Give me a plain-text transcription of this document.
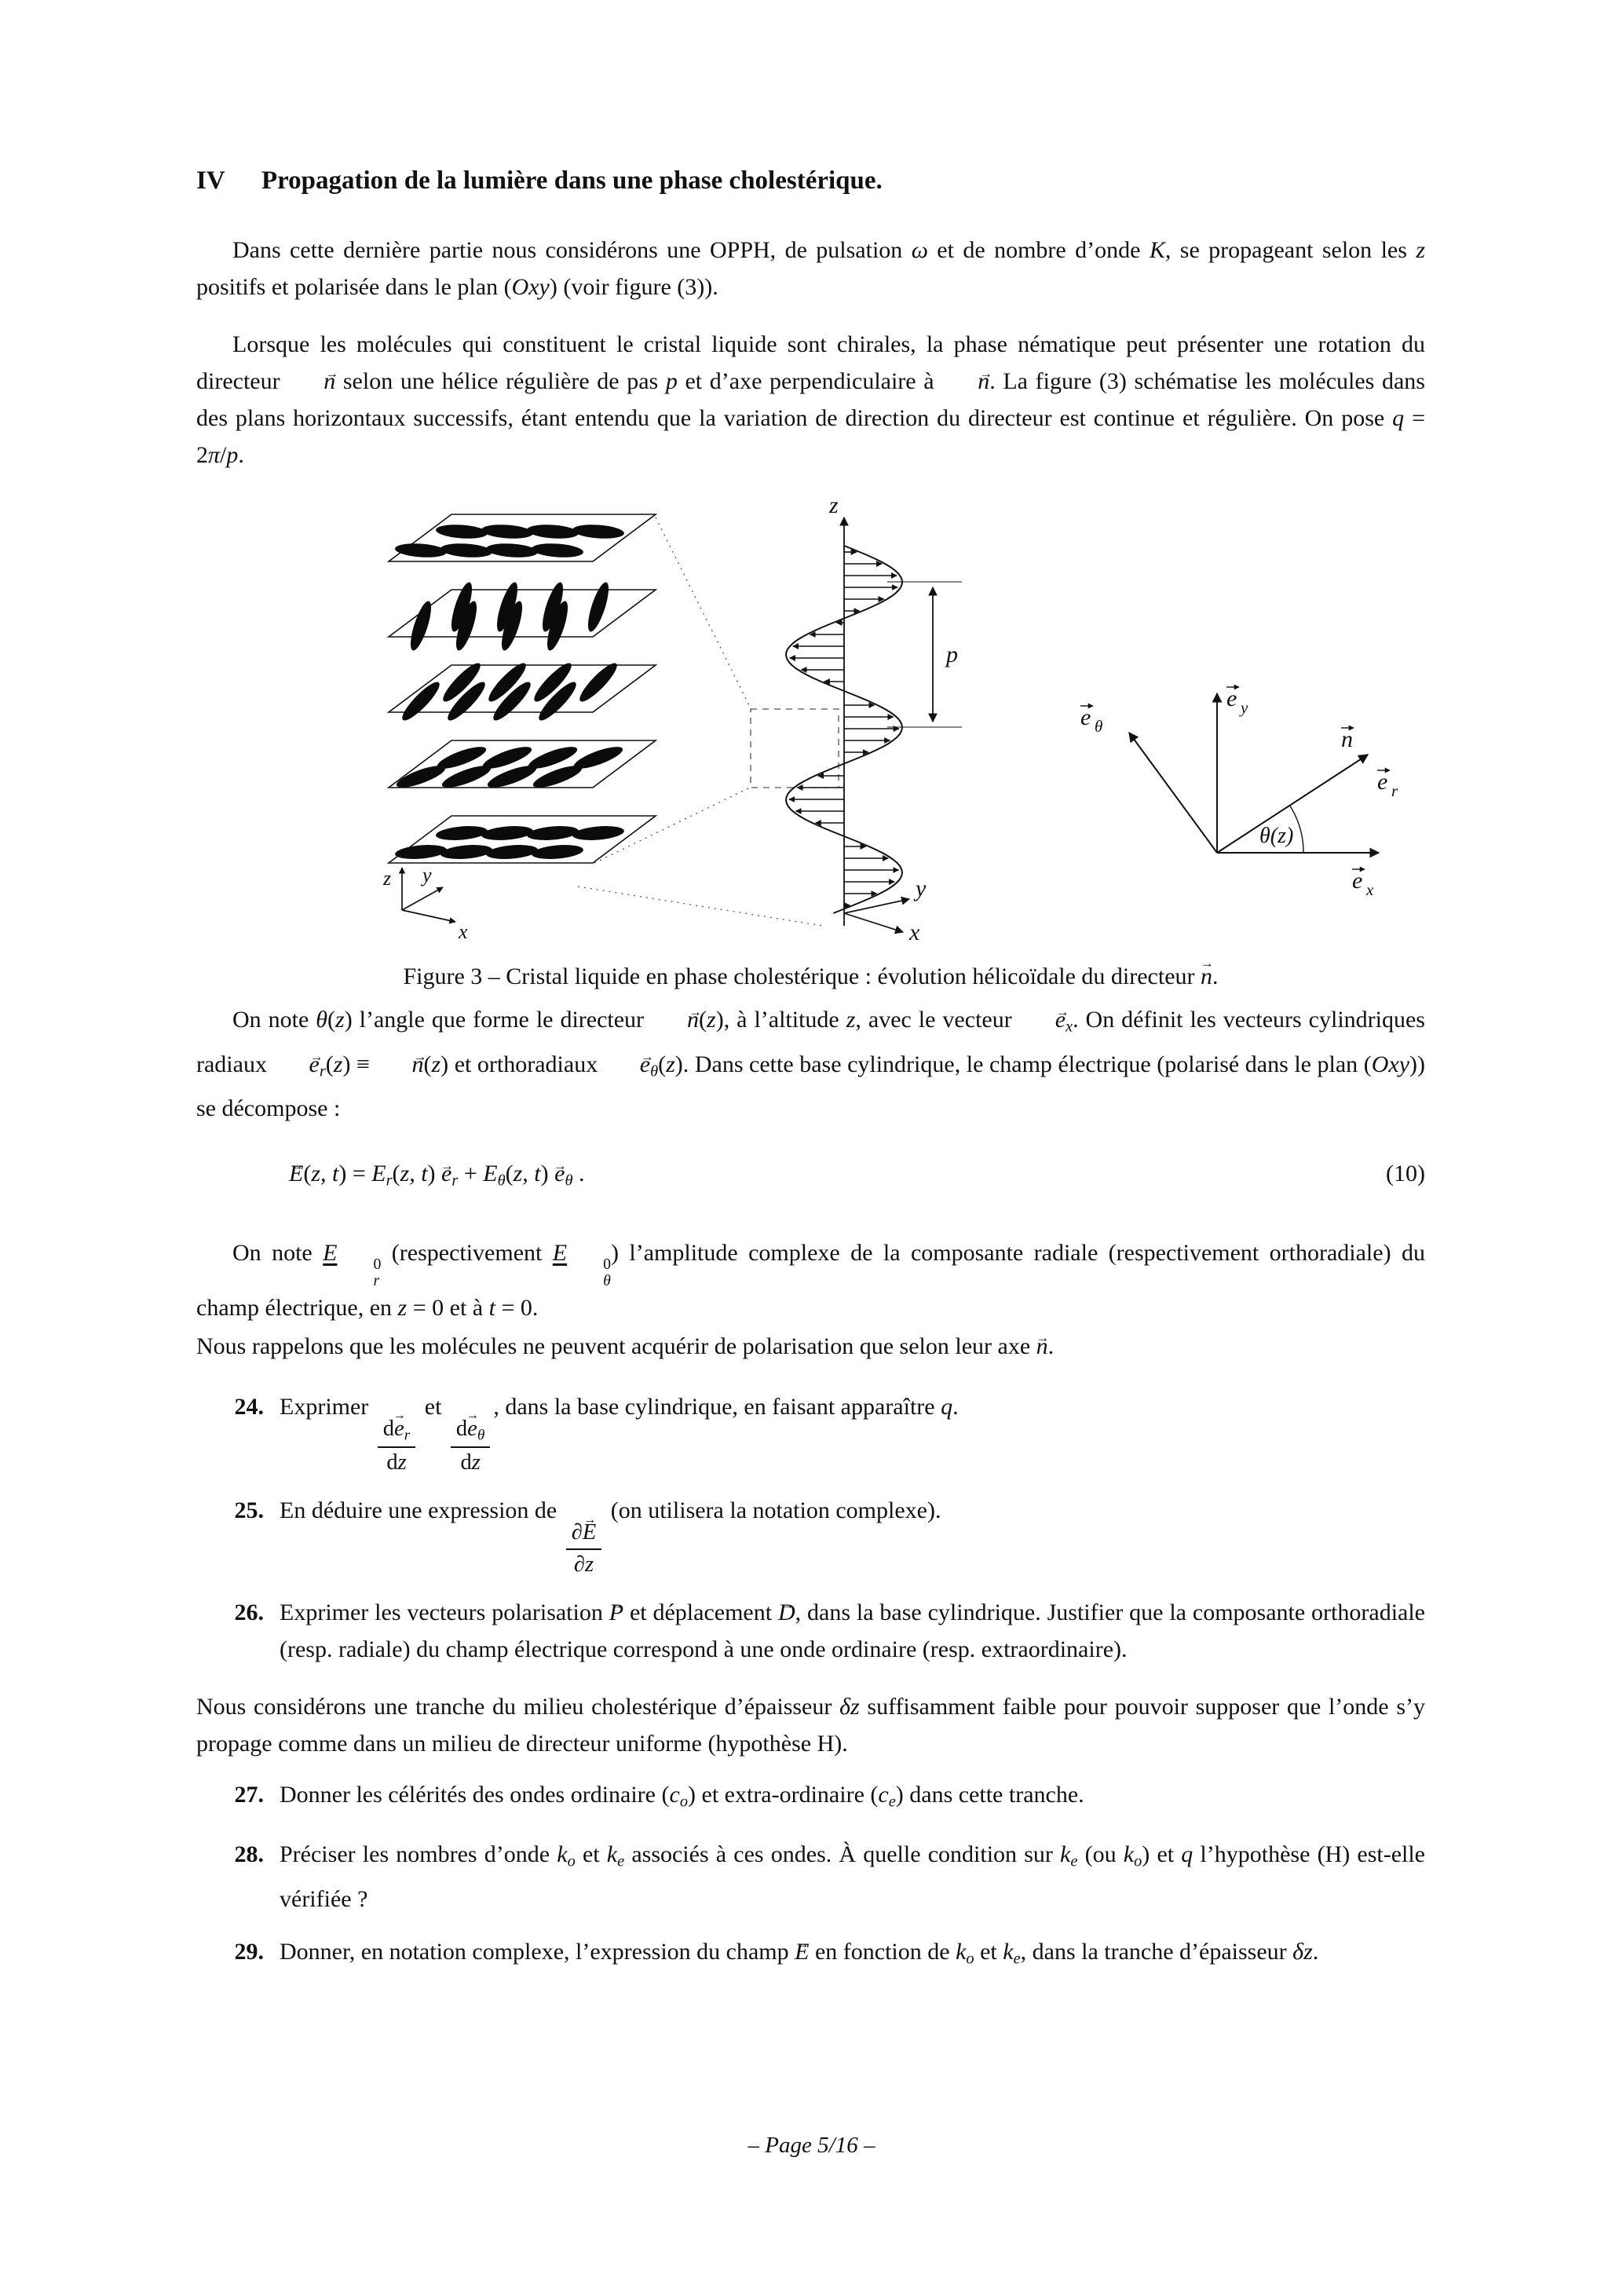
IV Propagation de la lumière dans une phase cholestérique.

Dans cette dernière partie nous considérons une OPPH, de pulsation ω et de nombre d’onde K, se propageant selon les z positifs et polarisée dans le plan (Oxy) (voir figure (3)).

Lorsque les molécules qui constituent le cristal liquide sont chirales, la phase nématique peut présenter une rotation du directeur n → selon une hélice régulière de pas p et d’axe perpendiculaire à n →. La figure (3) schématise les molécules dans des plans horizontaux successifs, étant entendu que la variation de direction du directeur est continue et régulière. On pose q = 2π/p.

z y
x
z
p
y
x
e y
e θ	n
e r
θ(z)
e x
Figure 3 – Cristal liquide en phase cholestérique : évolution hélicoïdale du directeur n →.

On note θ(z) l’angle que forme le directeur n →(z), à l’altitude z, avec le vecteur $e \to_x$. On définit les vecteurs cylindriques radiaux $e \to_r(z) \equiv n \to(z)$ et orthoradiaux $e \to_\theta(z)$. Dans cette base cylindrique, le champ électrique (polarisé dans le plan (Oxy)) se décompose :

E →(z, $t) = E_r(z$, t) $e \to_r + E_\theta(z$, t) $e \to_\theta$ .	(10)

On note E	0
r
(respectivement E	0
θ
) l’amplitude complexe de la composante radiale (respectivement orthoradiale) du champ électrique, en z = 0 et à t = 0.

Nous rappelons que les molécules ne peuvent acquérir de polarisation que selon leur axe n →.

24. Exprimer $\frac{de \to_r}{dz}$ et $\frac{de \to_\theta}{dz}$ , dans la base cylindrique, en faisant apparaître q.
25. En déduire une expression de $\frac{\partial E \to}{\partial z} (on$ utilisera la notation complexe).
26. Exprimer les vecteurs polarisation P → et déplacement D →, dans la base cylindrique. Justifier que la composante orthoradiale (resp. radiale) du champ électrique correspond à une onde ordinaire (resp. extraordinaire).

Nous considérons une tranche du milieu cholestérique d’épaisseur δz suffisamment faible pour pouvoir supposer que l’onde s’y propage comme dans un milieu de directeur uniforme (hypothèse H).

27. Donner les célérités des ondes ordinaire $(c_o)$ et extra-ordinaire $(c_e)$ dans cette tranche.
28. Préciser les nombres d’onde $k_o$ et $k_e$ associés à ces ondes. À quelle condition sur $k_e$ (ou $k_o$) et q l’hypothèse (H) est-elle vérifiée ?
29. Donner, en notation complexe, l’expression du champ E → en fonction de $k_o$ et $k_e$, dans la tranche d’épaisseur δz.
– Page 5/16 –
